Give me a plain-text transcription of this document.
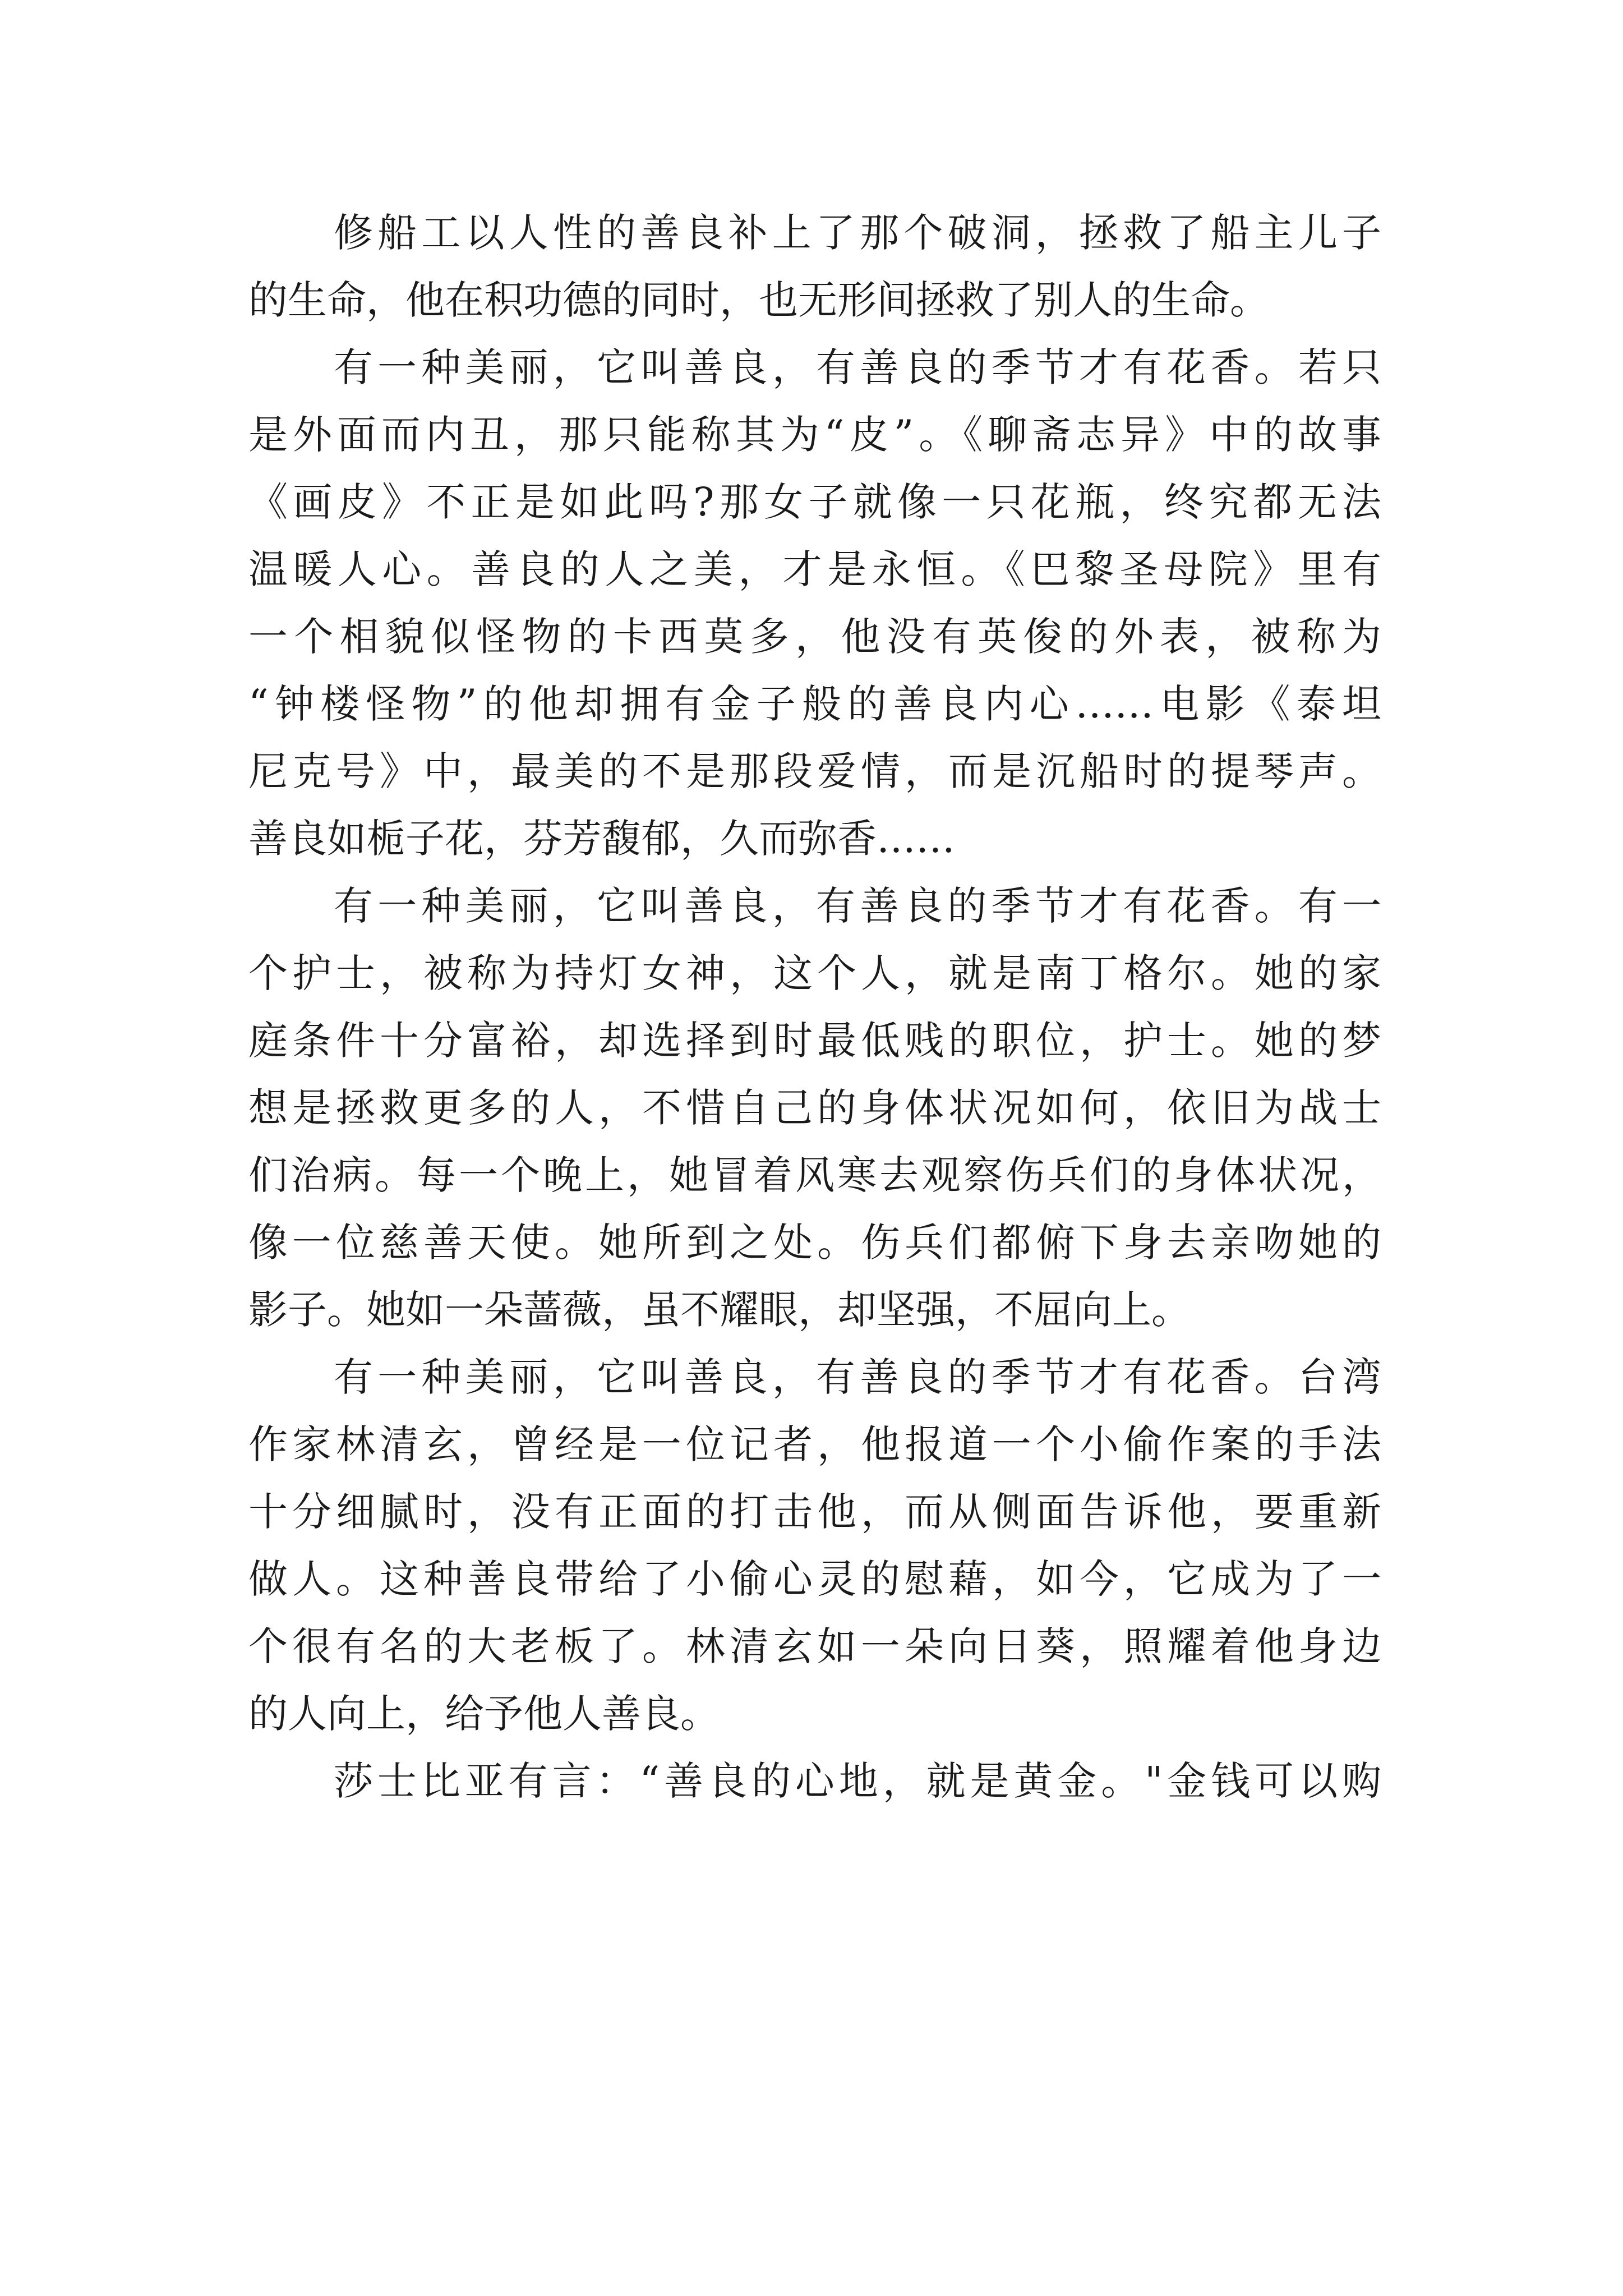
修船工以人性的善良补上了那个破洞，拯救了船主儿子
的生命，他在积功德的同时，也无形间拯救了别人的生命。
有一种美丽，它叫善良，有善良的季节才有花香。若只
是外面而内丑，那只能称其为“皮”。《聊斋志异》中的故事
《画皮》不正是如此吗?那女子就像一只花瓶，终究都无法
温暖人心。善良的人之美，才是永恒。《巴黎圣母院》里有
一个相貌似怪物的卡西莫多，他没有英俊的外表，被称为
“钟楼怪物”的他却拥有金子般的善良内心……电影《泰坦
尼克号》中，最美的不是那段爱情，而是沉船时的提琴声。
善良如栀子花，芬芳馥郁，久而弥香……
有一种美丽，它叫善良，有善良的季节才有花香。有一
个护士，被称为持灯女神，这个人，就是南丁格尔。她的家
庭条件十分富裕，却选择到时最低贱的职位，护士。她的梦
想是拯救更多的人，不惜自己的身体状况如何，依旧为战士
们治病。每一个晚上，她冒着风寒去观察伤兵们的身体状况，
像一位慈善天使。她所到之处。伤兵们都俯下身去亲吻她的
影子。她如一朵蔷薇，虽不耀眼，却坚强，不屈向上。
有一种美丽，它叫善良，有善良的季节才有花香。台湾
作家林清玄，曾经是一位记者，他报道一个小偷作案的手法
十分细腻时，没有正面的打击他，而从侧面告诉他，要重新
做人。这种善良带给了小偷心灵的慰藉，如今，它成为了一
个很有名的大老板了。林清玄如一朵向日葵，照耀着他身边
的人向上，给予他人善良。
莎士比亚有言：“善良的心地，就是黄金。"金钱可以购
